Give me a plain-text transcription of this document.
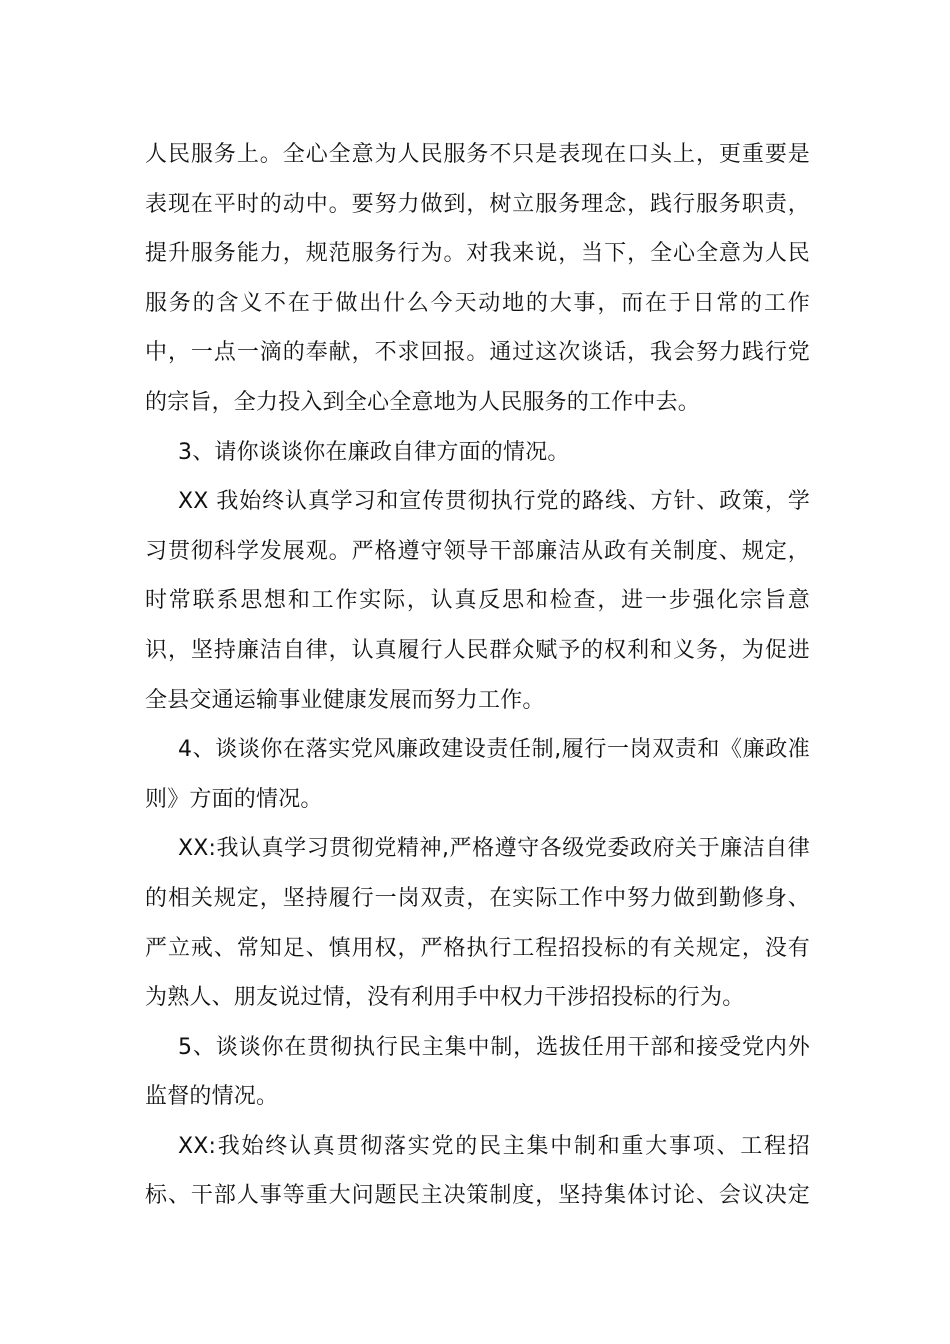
人民服务上。全心全意为人民服务不只是表现在口头上，更重要是
表现在平时的动中。要努力做到，树立服务理念，践行服务职责，
提升服务能力，规范服务行为。对我来说，当下，全心全意为人民
服务的含义不在于做出什么今天动地的大事，而在于日常的工作
中，一点一滴的奉献，不求回报。通过这次谈话，我会努力践行党
的宗旨，全力投入到全心全意地为人民服务的工作中去。
3、请你谈谈你在廉政自律方面的情况。
XX 我始终认真学习和宣传贯彻执行党的路线、方针、政策，学
习贯彻科学发展观。严格遵守领导干部廉洁从政有关制度、规定，
时常联系思想和工作实际，认真反思和检查，进一步强化宗旨意
识，坚持廉洁自律，认真履行人民群众赋予的权利和义务，为促进
全县交通运输事业健康发展而努力工作。
4、谈谈你在落实党风廉政建设责任制,履行一岗双责和《廉政准
则》方面的情况。
XX:我认真学习贯彻党精神,严格遵守各级党委政府关于廉洁自律
的相关规定，坚持履行一岗双责，在实际工作中努力做到勤修身、
严立戒、常知足、慎用权，严格执行工程招投标的有关规定，没有
为熟人、朋友说过情，没有利用手中权力干涉招投标的行为。
5、谈谈你在贯彻执行民主集中制，选拔任用干部和接受党内外
监督的情况。
XX:我始终认真贯彻落实党的民主集中制和重大事项、工程招
标、干部人事等重大问题民主决策制度，坚持集体讨论、会议决定
